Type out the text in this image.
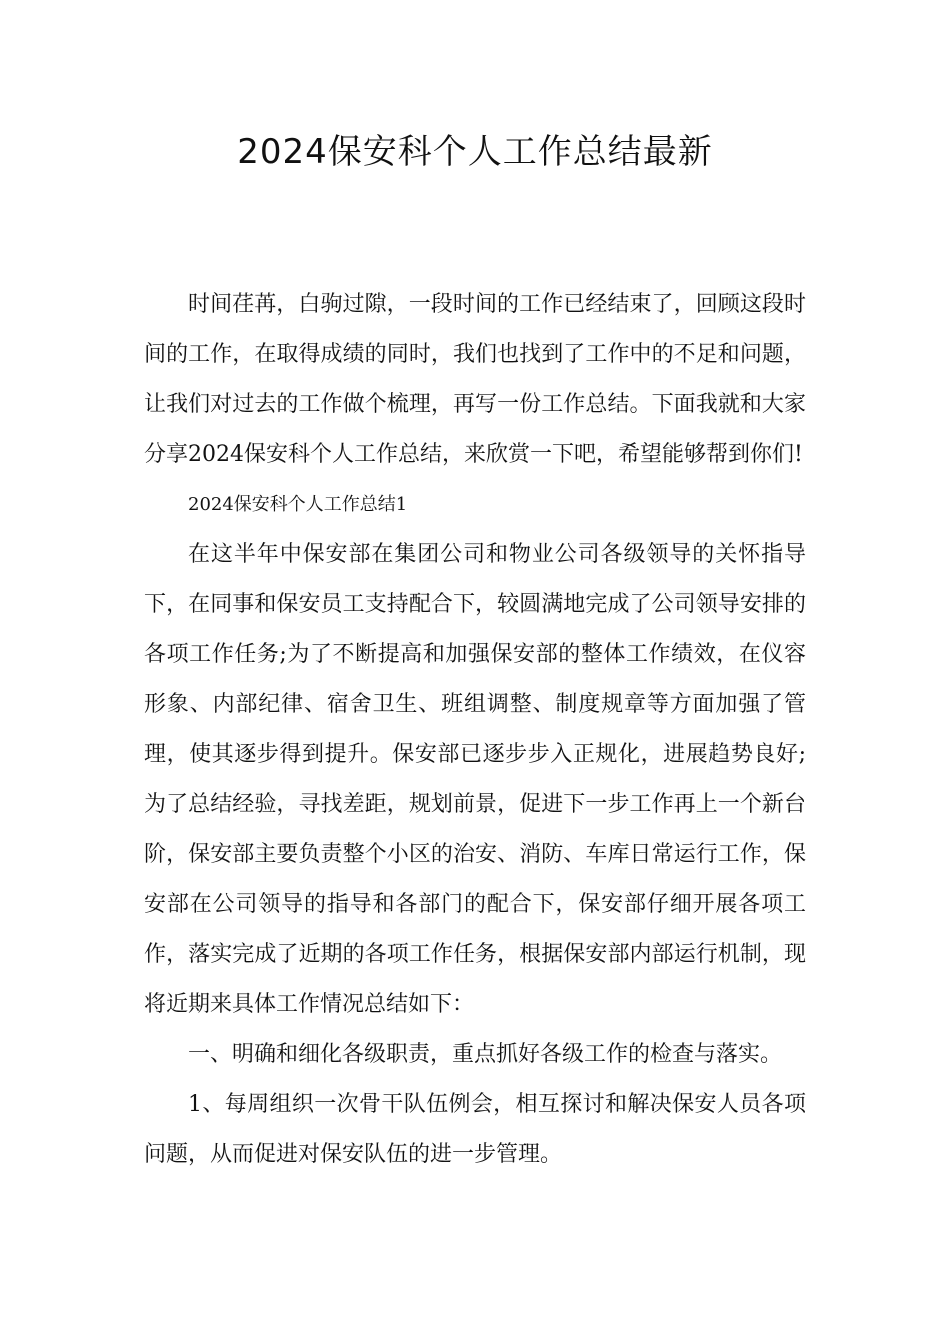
2024保安科个人工作总结最新

时间荏苒，白驹过隙，一段时间的工作已经结束了，回顾这段时间的工作，在取得成绩的同时，我们也找到了工作中的不足和问题，让我们对过去的工作做个梳理，再写一份工作总结。下面我就和大家分享2024保安科个人工作总结，来欣赏一下吧，希望能够帮到你们!

2024保安科个人工作总结1

在这半年中保安部在集团公司和物业公司各级领导的关怀指导下，在同事和保安员工支持配合下，较圆满地完成了公司领导安排的各项工作任务;为了不断提高和加强保安部的整体工作绩效，在仪容形象、内部纪律、宿舍卫生、班组调整、制度规章等方面加强了管理，使其逐步得到提升。保安部已逐步步入正规化，进展趋势良好;为了总结经验，寻找差距，规划前景，促进下一步工作再上一个新台阶，保安部主要负责整个小区的治安、消防、车库日常运行工作，保安部在公司领导的指导和各部门的配合下，保安部仔细开展各项工作，落实完成了近期的各项工作任务，根据保安部内部运行机制，现将近期来具体工作情况总结如下：

一、明确和细化各级职责，重点抓好各级工作的检查与落实。

1、每周组织一次骨干队伍例会，相互探讨和解决保安人员各项问题，从而促进对保安队伍的进一步管理。
